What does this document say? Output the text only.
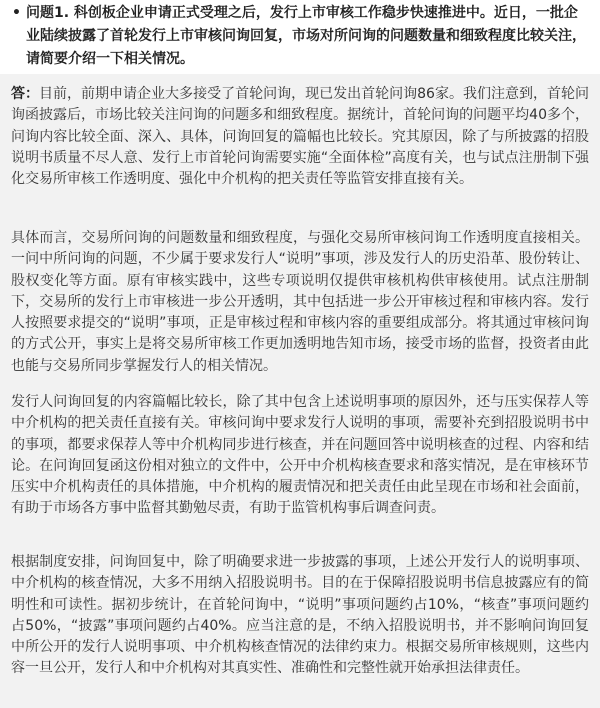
• 问题1. 科创板企业申请正式受理之后，发行上市审核工作稳步快速推进中。近日，一批企业陆续披露了首轮发行上市审核问询回复，市场对所问询的问题数量和细致程度比较关注，请简要介绍一下相关情况。

答：目前，前期申请企业大多接受了首轮问询，现已发出首轮问询86家。我们注意到，首轮问询函披露后，市场比较关注问询的问题多和细致程度。据统计，首轮问询的问题平均40多个，问询内容比较全面、深入、具体，问询回复的篇幅也比较长。究其原因，除了与所披露的招股说明书质量不尽人意、发行上市首轮问询需要实施“全面体检”高度有关，也与试点注册制下强化交易所审核工作透明度、强化中介机构的把关责任等监管安排直接有关。

具体而言，交易所问询的问题数量和细致程度，与强化交易所审核问询工作透明度直接相关。一问中所问询的问题，不少属于要求发行人“说明”事项，涉及发行人的历史沿革、股份转让、股权变化等方面。原有审核实践中，这些专项说明仅提供审核机构供审核使用。试点注册制下，交易所的发行上市审核进一步公开透明，其中包括进一步公开审核过程和审核内容。发行人按照要求提交的“说明”事项，正是审核过程和审核内容的重要组成部分。将其通过审核问询的方式公开，事实上是将交易所审核工作更加透明地告知市场，接受市场的监督，投资者由此也能与交易所同步掌握发行人的相关情况。

发行人问询回复的内容篇幅比较长，除了其中包含上述说明事项的原因外，还与压实保荐人等中介机构的把关责任直接有关。审核问询中要求发行人说明的事项，需要补充到招股说明书中的事项，都要求保荐人等中介机构同步进行核查，并在问题回答中说明核查的过程、内容和结论。在问询回复函这份相对独立的文件中，公开中介机构核查要求和落实情况，是在审核环节压实中介机构责任的具体措施，中介机构的履责情况和把关责任由此呈现在市场和社会面前，有助于市场各方事中监督其勤勉尽责，有助于监管机构事后调查问责。

根据制度安排，问询回复中，除了明确要求进一步披露的事项，上述公开发行人的说明事项、中介机构的核查情况，大多不用纳入招股说明书。目的在于保障招股说明书信息披露应有的简明性和可读性。据初步统计，在首轮问询中，“说明”事项问题约占10%，“核查”事项问题约占50%，“披露”事项问题约占40%。应当注意的是，不纳入招股说明书，并不影响问询回复中所公开的发行人说明事项、中介机构核查情况的法律约束力。根据交易所审核规则，这些内容一旦公开，发行人和中介机构对其真实性、准确性和完整性就开始承担法律责任。
